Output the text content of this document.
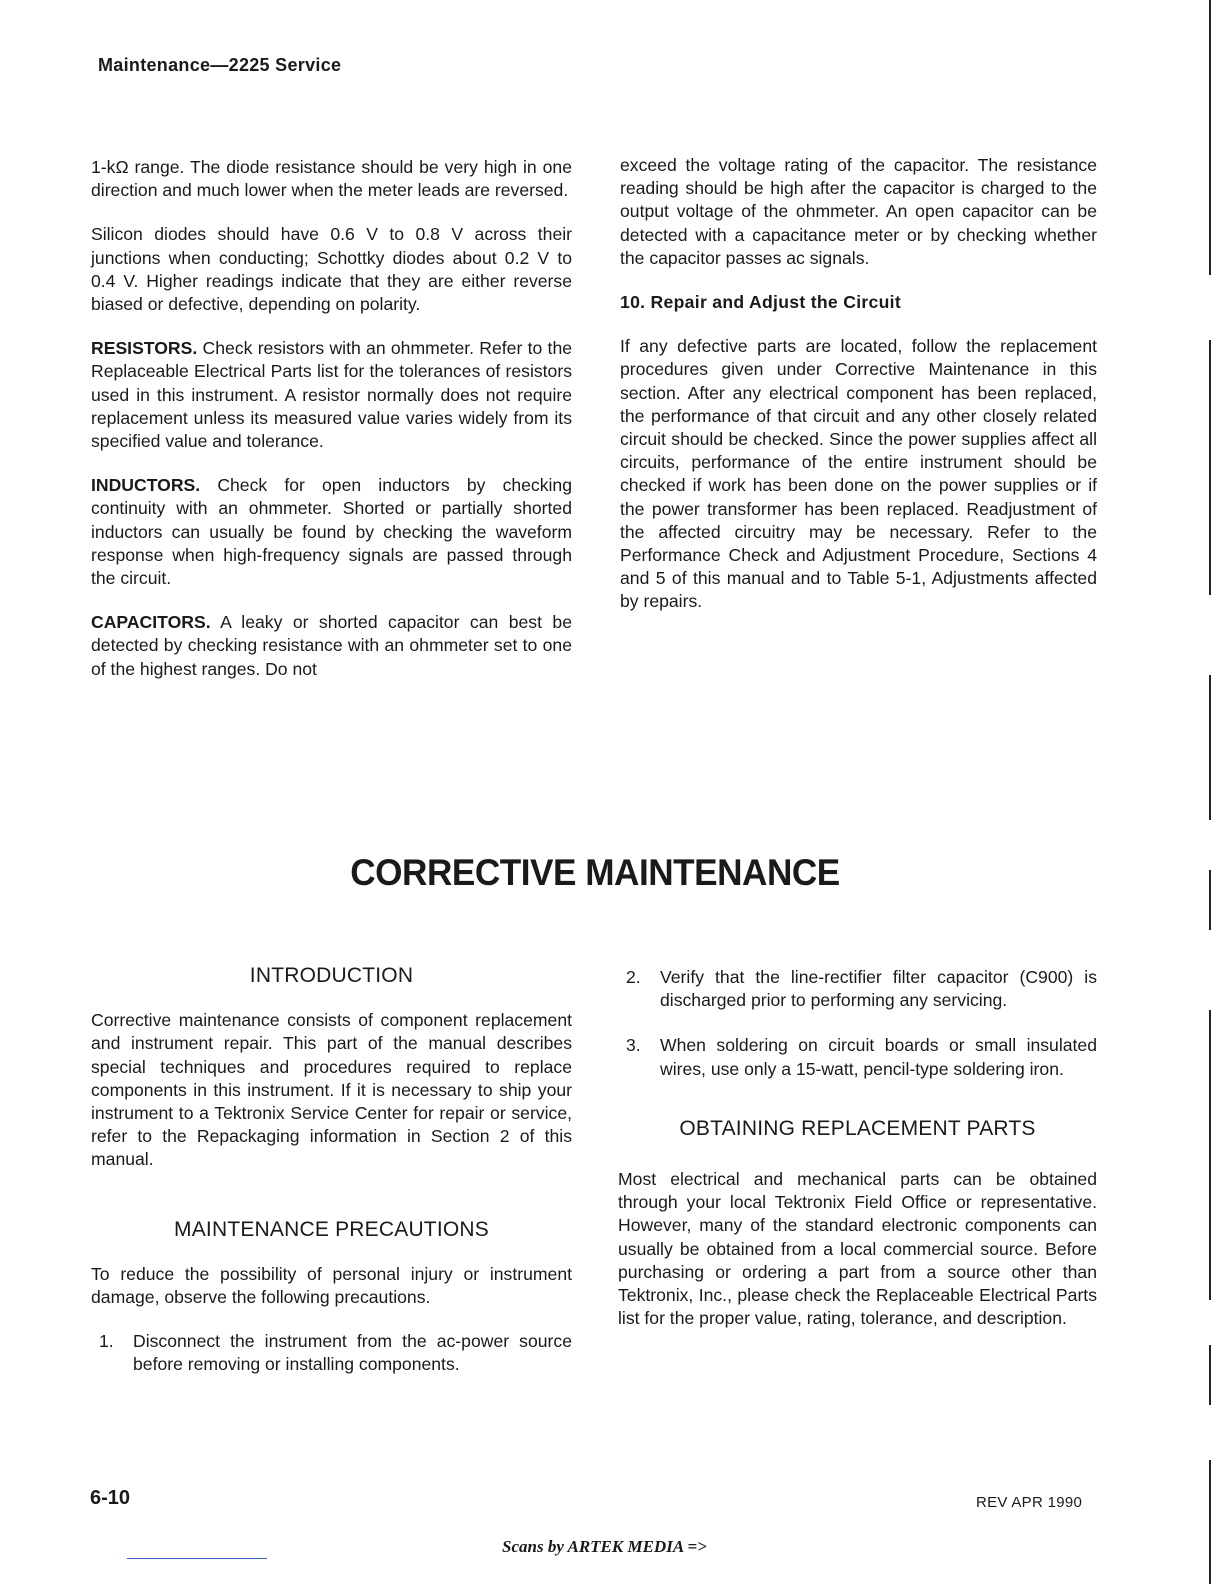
Maintenance—2225 Service

1-kΩ range. The diode resistance should be very high in one direction and much lower when the meter leads are reversed.

Silicon diodes should have 0.6 V to 0.8 V across their junctions when conducting; Schottky diodes about 0.2 V to 0.4 V. Higher readings indicate that they are either reverse biased or defective, depending on polarity.

RESISTORS. Check resistors with an ohmmeter. Refer to the Replaceable Electrical Parts list for the tolerances of resistors used in this instrument. A resistor normally does not require replacement unless its measured value varies widely from its specified value and tolerance.

INDUCTORS. Check for open inductors by checking continuity with an ohmmeter. Shorted or partially shorted inductors can usually be found by checking the waveform response when high-frequency signals are passed through the circuit.

CAPACITORS. A leaky or shorted capacitor can best be detected by checking resistance with an ohmmeter set to one of the highest ranges. Do not

exceed the voltage rating of the capacitor. The resistance reading should be high after the capacitor is charged to the output voltage of the ohmmeter. An open capacitor can be detected with a capacitance meter or by checking whether the capacitor passes ac signals.

10. Repair and Adjust the Circuit

If any defective parts are located, follow the replacement procedures given under Corrective Maintenance in this section. After any electrical component has been replaced, the performance of that circuit and any other closely related circuit should be checked. Since the power supplies affect all circuits, performance of the entire instrument should be checked if work has been done on the power supplies or if the power transformer has been replaced. Readjustment of the affected circuitry may be necessary. Refer to the Performance Check and Adjustment Procedure, Sections 4 and 5 of this manual and to Table 5-1, Adjustments affected by repairs.

CORRECTIVE MAINTENANCE
INTRODUCTION

Corrective maintenance consists of component replacement and instrument repair. This part of the manual describes special techniques and procedures required to replace components in this instrument. If it is necessary to ship your instrument to a Tektronix Service Center for repair or service, refer to the Repackaging information in Section 2 of this manual.

MAINTENANCE PRECAUTIONS

To reduce the possibility of personal injury or instrument damage, observe the following precautions.

1. Disconnect the instrument from the ac-power source before removing or installing components.
2. Verify that the line-rectifier filter capacitor (C900) is discharged prior to performing any servicing.
3. When soldering on circuit boards or small insulated wires, use only a 15-watt, pencil-type soldering iron.
OBTAINING REPLACEMENT PARTS

Most electrical and mechanical parts can be obtained through your local Tektronix Field Office or representative. However, many of the standard electronic components can usually be obtained from a local commercial source. Before purchasing or ordering a part from a source other than Tektronix, Inc., please check the Replaceable Electrical Parts list for the proper value, rating, tolerance, and description.

6-10	REV APR 1990
Scans by ARTEK MEDIA =>
